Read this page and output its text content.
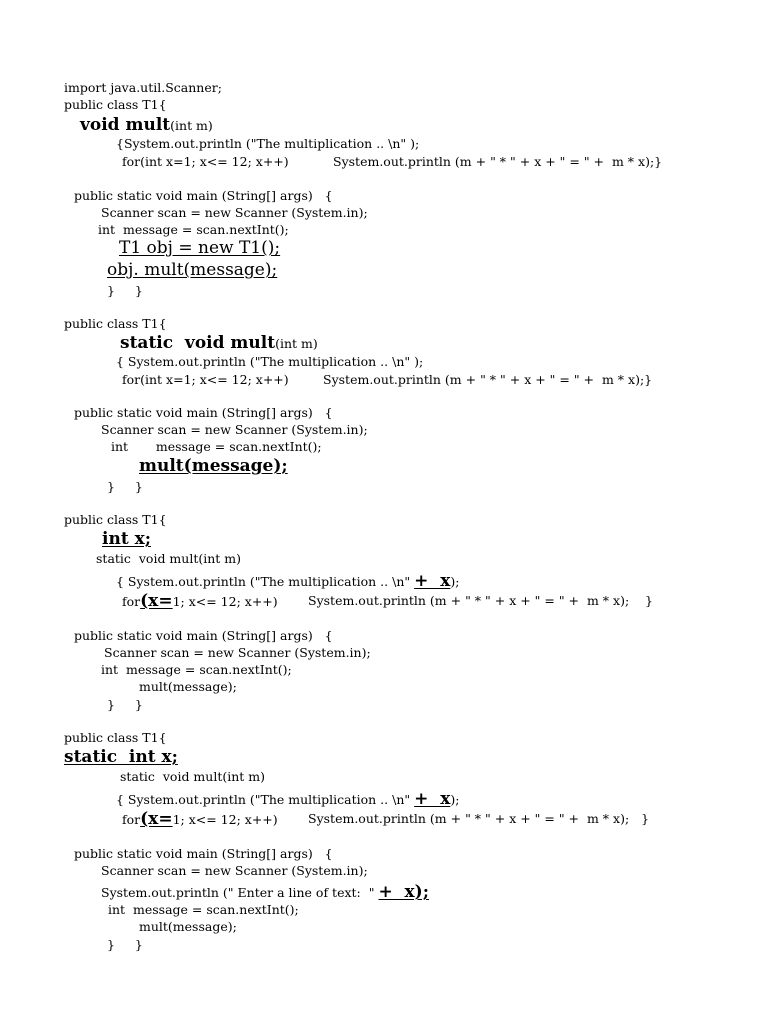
import java.util.Scanner;
public class T1{
void mult(int m)
{System.out.println ("The multiplication .. \n" );
for(int x=1; x<= 12; x++)	System.out.println (m + " * " + x + " = " +  m * x);}
public static void main (String[] args)   {
Scanner scan = new Scanner (System.in);
int  message = scan.nextInt();
T1 obj = new T1();
obj. mult(message);
}     }
public class T1{
static  void mult(int m)
{ System.out.println ("The multiplication .. \n" );
for(int x=1; x<= 12; x++)	System.out.println (m + " * " + x + " = " +  m * x);}
public static void main (String[] args)   {
Scanner scan = new Scanner (System.in);
int       message = scan.nextInt();
mult(message);
}     }
public class T1{
int x;
static  void mult(int m)
{ System.out.println ("The multiplication .. \n" +  x);
for(x=1; x<= 12; x++) System.out.println (m + " * " + x + " = " +  m * x);    }
public static void main (String[] args)   {
Scanner scan = new Scanner (System.in);
int  message = scan.nextInt();
mult(message);
}     }
public class T1{
static  int x;
static  void mult(int m)
{ System.out.println ("The multiplication .. \n" +  x);
for(x=1; x<= 12; x++) System.out.println (m + " * " + x + " = " +  m * x);   }
public static void main (String[] args)   {
Scanner scan = new Scanner (System.in);
System.out.println (" Enter a line of text:  " +  x);
int  message = scan.nextInt();
mult(message);
}     }
